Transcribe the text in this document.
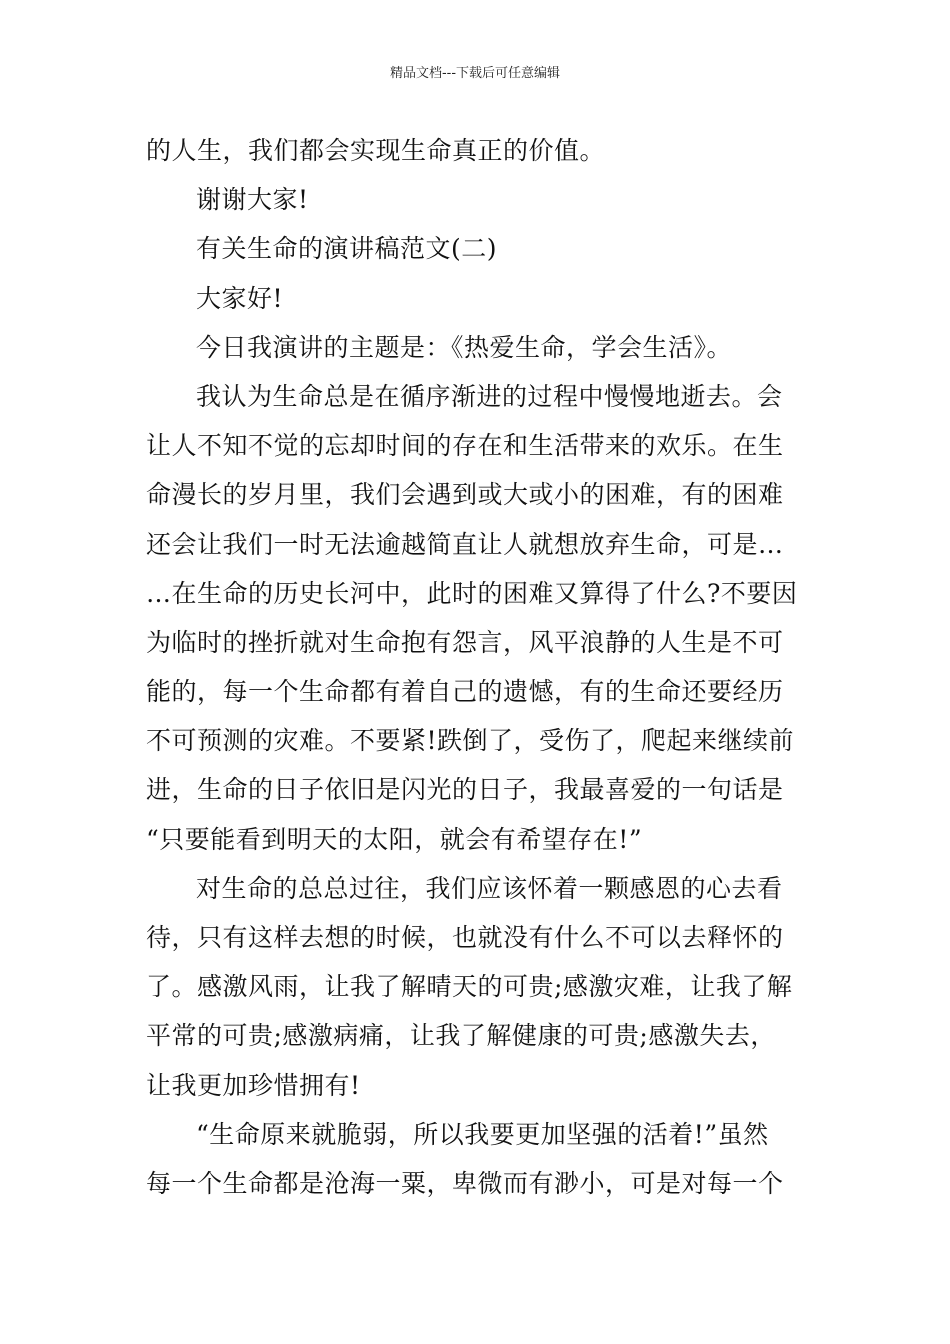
精品文档---下载后可任意编辑
的人生，我们都会实现生命真正的价值。
谢谢大家!
有关生命的演讲稿范文(二)
大家好!
今日我演讲的主题是：《热爱生命，学会生活》。
我认为生命总是在循序渐进的过程中慢慢地逝去。会
让人不知不觉的忘却时间的存在和生活带来的欢乐。在生
命漫长的岁月里，我们会遇到或大或小的困难，有的困难
还会让我们一时无法逾越简直让人就想放弃生命，可是…
…在生命的历史长河中，此时的困难又算得了什么?不要因
为临时的挫折就对生命抱有怨言，风平浪静的人生是不可
能的，每一个生命都有着自己的遗憾，有的生命还要经历
不可预测的灾难。不要紧!跌倒了，受伤了，爬起来继续前
进，生命的日子依旧是闪光的日子，我最喜爱的一句话是
“只要能看到明天的太阳，就会有希望存在!”
对生命的总总过往，我们应该怀着一颗感恩的心去看
待，只有这样去想的时候，也就没有什么不可以去释怀的
了。感激风雨，让我了解晴天的可贵;感激灾难，让我了解
平常的可贵;感激病痛，让我了解健康的可贵;感激失去，
让我更加珍惜拥有!
“生命原来就脆弱，所以我要更加坚强的活着!”虽然
每一个生命都是沧海一粟，卑微而有渺小，可是对每一个
